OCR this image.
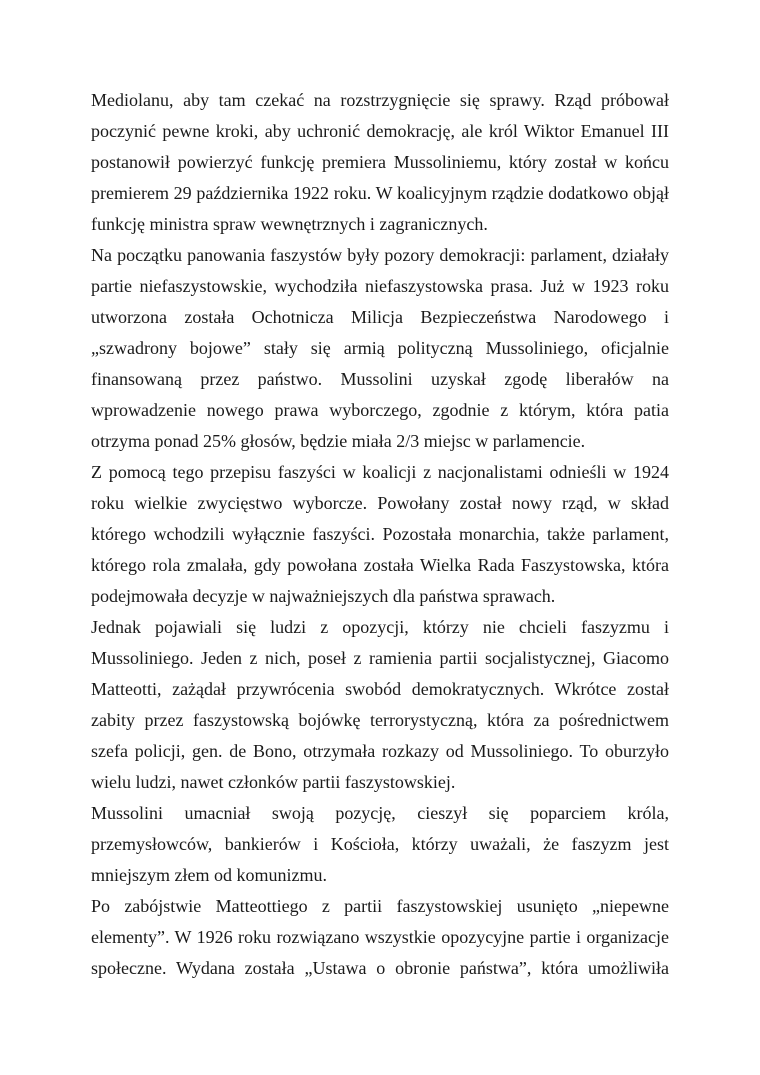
Mediolanu, aby tam czekać na rozstrzygnięcie się sprawy. Rząd próbował
poczynić pewne kroki, aby uchronić demokrację, ale król Wiktor Emanuel III
postanowił powierzyć funkcję premiera Mussoliniemu, który został w końcu
premierem 29 października 1922 roku. W koalicyjnym rządzie dodatkowo objął
funkcję ministra spraw wewnętrznych i zagranicznych.
Na początku panowania faszystów były pozory demokracji: parlament, działały
partie niefaszystowskie, wychodziła niefaszystowska prasa. Już w 1923 roku
utworzona została Ochotnicza Milicja Bezpieczeństwa Narodowego i
„szwadrony bojowe” stały się armią polityczną Mussoliniego, oficjalnie
finansowaną przez państwo. Mussolini uzyskał zgodę liberałów na
wprowadzenie nowego prawa wyborczego, zgodnie z którym, która patia
otrzyma ponad 25% głosów, będzie miała 2/3 miejsc w parlamencie.
Z pomocą tego przepisu faszyści w koalicji z nacjonalistami odnieśli w 1924
roku wielkie zwycięstwo wyborcze. Powołany został nowy rząd, w skład
którego wchodzili wyłącznie faszyści. Pozostała monarchia, także parlament,
którego rola zmalała, gdy powołana została Wielka Rada Faszystowska, która
podejmowała decyzje w najważniejszych dla państwa sprawach.
Jednak pojawiali się ludzi z opozycji, którzy nie chcieli faszyzmu i
Mussoliniego. Jeden z nich, poseł z ramienia partii socjalistycznej, Giacomo
Matteotti, zażądał przywrócenia swobód demokratycznych. Wkrótce został
zabity przez faszystowską bojówkę terrorystyczną, która za pośrednictwem
szefa policji, gen. de Bono, otrzymała rozkazy od Mussoliniego. To oburzyło
wielu ludzi, nawet członków partii faszystowskiej.
Mussolini umacniał swoją pozycję, cieszył się poparciem króla,
przemysłowców, bankierów i Kościoła, którzy uważali, że faszyzm jest
mniejszym złem od komunizmu.
Po zabójstwie Matteottiego z partii faszystowskiej usunięto „niepewne
elementy”. W 1926 roku rozwiązano wszystkie opozycyjne partie i organizacje
społeczne. Wydana została „Ustawa o obronie państwa”, która umożliwiła
